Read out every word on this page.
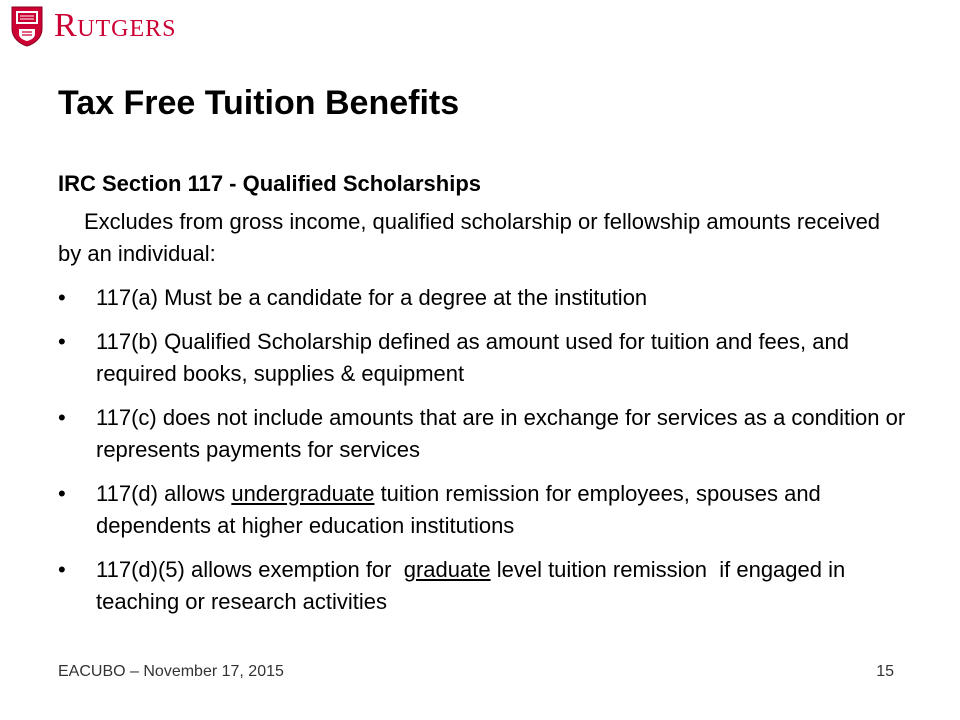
R UTGERS
Tax Free Tuition Benefits

IRC Section 117 - Qualified Scholarships

Excludes from gross income, qualified scholarship or fellowship amounts received by an individual:

• 117(a) Must be a candidate for a degree at the institution
• 117(b) Qualified Scholarship defined as amount used for tuition and fees, and required books, supplies & equipment
• 117(c) does not include amounts that are in exchange for services as a condition or represents payments for services
• 117(d) allows undergraduate tuition remission for employees, spouses and dependents at higher education institutions
• 117(d)(5) allows exemption for  graduate level tuition remission  if engaged in teaching or research activities
EACUBO – November 17, 2015	15
